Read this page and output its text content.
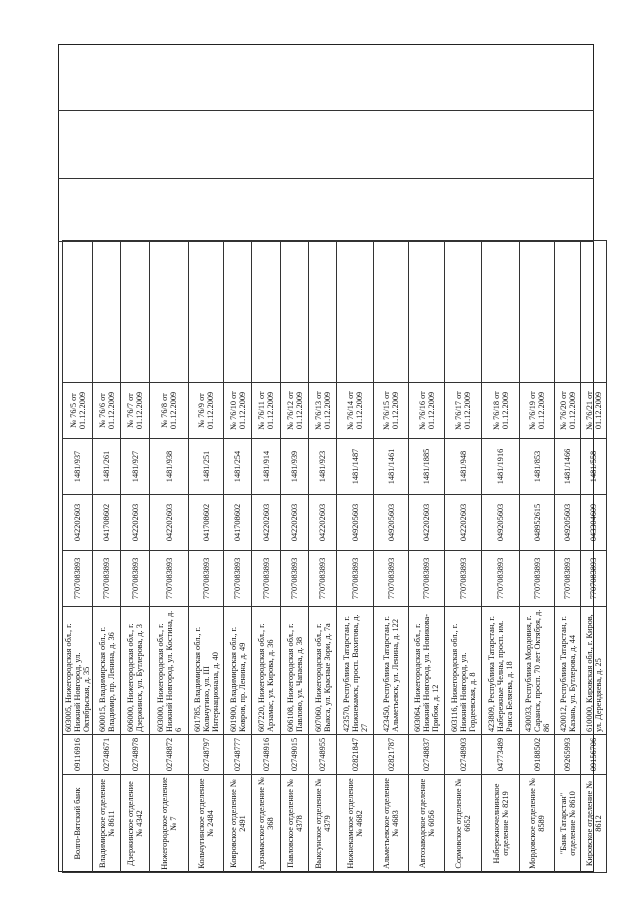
Волго-Вятский банк	09116916	603005, Нижегородская обл., г. Нижний Новгород, ул. Октябрьская, д. 35	7707083893	042202603	1481/937	№ 76/5 от 01.12.2009	
Владимирское отделение № 8611	02748671	600015, Владимирская обл., г. Владимир, пр. Ленина, д. 36	7707083893	041708602	1481/261	№ 76/6 от 01.12.2009	
Дзержинское отделение № 4342	02748978	606000, Нижегородская обл., г. Дзержинск, ул. Бутлерова, д. 3	7707083893	042202603	1481/927	№ 76/7 от 01.12.2009	
Нижегородское отделение № 7	02748872	603000, Нижегородская обл., г. Нижний Новгород, ул. Костина, д. 6	7707083893	042202603	1481/938	№ 76/8 от 01.12.2009	
Кольчугинское отделение № 2484	02748797	601785, Владимирская обл., г. Кольчугино, ул. III Интернационала, д. 40	7707083893	041708602	1481/251	№ 76/9 от 01.12.2009	
Ковровское отделение № 2491	02748777	601900, Владимирская обл., г. Ковров, пр. Ленина, д. 49	7707083893	041708602	1481/254	№ 76/10 от 01.12.2009	
Арзамасское отделение № 368	02748916	607220, Нижегородская обл., г. Арзамас, ул. Кирова, д. 36	7707083893	042202603	1481/914	№ 76/11 от 01.12.2009	
Павловское отделение № 4378	02749015	606108, Нижегородская обл., г. Павлово, ул. Чапаева, д. 38	7707083893	042202603	1481/939	№ 76/12 от 01.12.2009	
Выксунское отделение № 4379	02748955	607060, Нижегородская обл., г. Выкса, ул. Красные Зори, д. 7а	7707083893	042202603	1481/923	№ 76/13 от 01.12.2009	
Нижнекамское отделение № 4682	02821847	423570, Республика Татарстан, г. Нижнекамск, просп. Вахитова, д. 27	7707083893	049205603	1481/1487	№ 76/14 от 01.12.2009	
Альметьевское отделение № 4683	02821787	423450, Республика Татарстан, г. Альметьевск, ул. Ленина, д. 122	7707083893	049205603	1481/1461	№ 76/15 от 01.12.2009	
Автозаводское отделение № 6056	02748837	603064, Нижегородская обл., г. Нижний Новгород, ул. Новикова-Прибоя, д. 12	7707083893	042202603	1481/1885	№ 76/16 от 01.12.2009	
Сормовское отделение № 6652	02748903	603116, Нижегородская обл., г. Нижний Новгород, ул. Гордеевская, д. 8	7707083893	042202603	1481/948	№ 76/17 от 01.12.2009	
Набережночелнинское отделение № 8219	04773489	423809, Республика Татарстан, г. Набережные Челны, просп. им. Раиса Беляева, д. 18	7707083893	049205603	1481/1916	№ 76/18 от 01.12.2009	
Мордовское отделение № 8589	09188502	430033, Республика Мордовия, г. Саранск, просп. 70 лет Октября, д. 86	7707083893	048952615	1481/853	№ 76/19 от 01.12.2009	
"Банк Татарстан" отделение № 8610	09265993	420012, Республика Татарстан, г. Казань, ул. Бутлерова, д. 44	7707083893	049205603	1481/1466	№ 76/20 от 01.12.2009	
Кировское отделение № 8612	09156706	610000, Кировская обл., г. Киров, ул. Дерендяева, д. 25	7707083893	043304609	1481/558	№ 76/21 от 01.12.2009	
